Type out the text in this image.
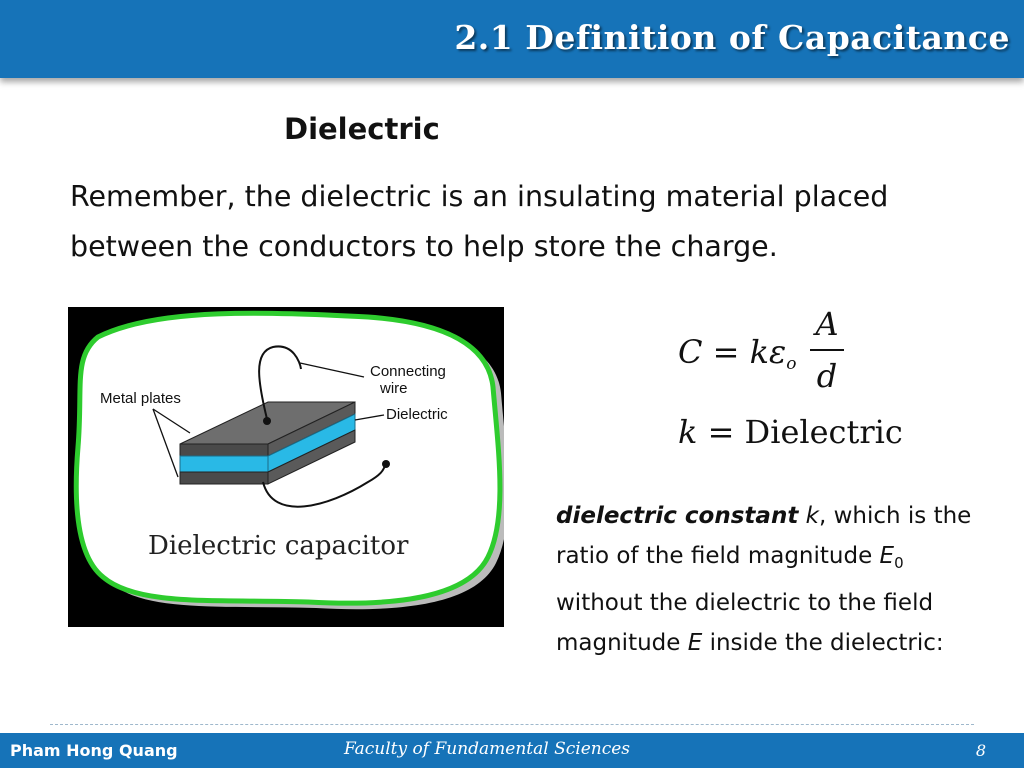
2.1 Definition of Capacitance
Dielectric
Remember, the dielectric is an insulating material placed between the conductors to help store the charge.
Metal plates
Connecting
wire
Dielectric
Dielectric capacitor
$C = k\varepsilon_o$
A
d
k = Dielectric
dielectric constant k, which is the ratio of the field magnitude $E_0$ without the dielectric to the field magnitude E inside the dielectric:
Pham Hong Quang	Faculty of Fundamental Sciences	8
